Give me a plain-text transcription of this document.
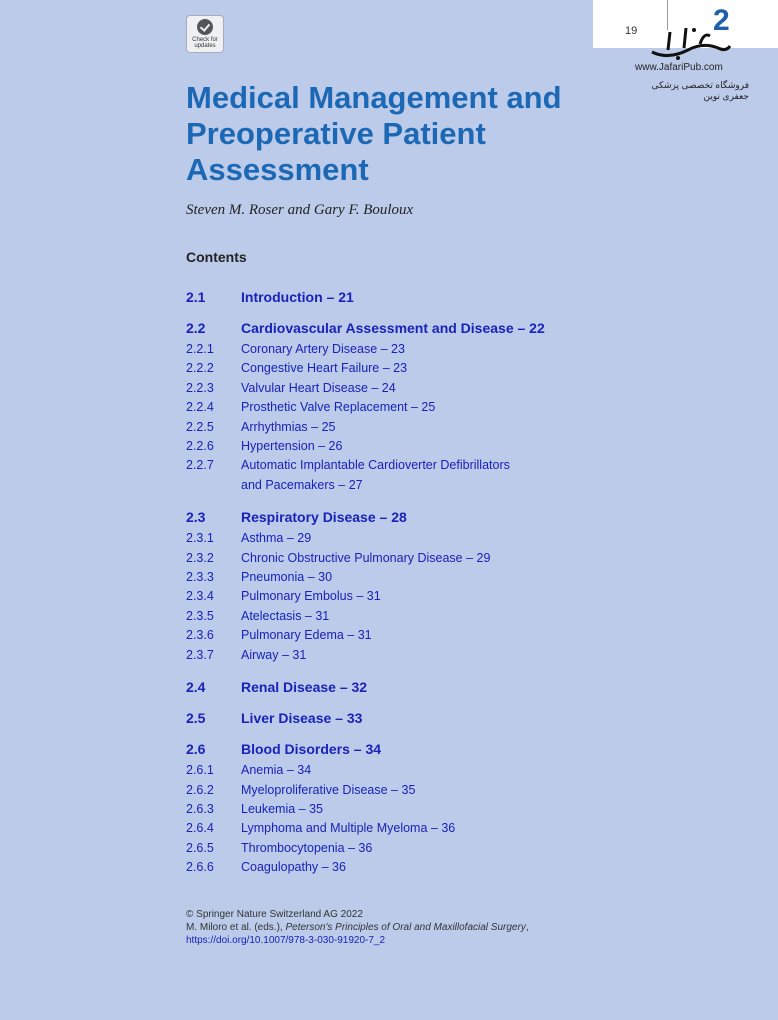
Check for updates
19	2
www.JafariPub.com
فروشگاه تخصصی پزشکی جعفری نوین
Medical Management and Preoperative Patient Assessment
Steven M. Roser and Gary F. Bouloux
Contents
2.1	Introduction – 21
2.2	Cardiovascular Assessment and Disease – 22
2.2.1	Coronary Artery Disease – 23
2.2.2	Congestive Heart Failure – 23
2.2.3	Valvular Heart Disease – 24
2.2.4	Prosthetic Valve Replacement – 25
2.2.5	Arrhythmias – 25
2.2.6	Hypertension – 26
2.2.7	Automatic Implantable Cardioverter Defibrillators
and Pacemakers – 27
2.3	Respiratory Disease – 28
2.3.1	Asthma – 29
2.3.2	Chronic Obstructive Pulmonary Disease – 29
2.3.3	Pneumonia – 30
2.3.4	Pulmonary Embolus – 31
2.3.5	Atelectasis – 31
2.3.6	Pulmonary Edema – 31
2.3.7	Airway – 31
2.4	Renal Disease – 32
2.5	Liver Disease – 33
2.6	Blood Disorders – 34
2.6.1	Anemia – 34
2.6.2	Myeloproliferative Disease – 35
2.6.3	Leukemia – 35
2.6.4	Lymphoma and Multiple Myeloma – 36
2.6.5	Thrombocytopenia – 36
2.6.6	Coagulopathy – 36
© Springer Nature Switzerland AG 2022
M. Miloro et al. (eds.), Peterson's Principles of Oral and Maxillofacial Surgery,
https://doi.org/10.1007/978-3-030-91920-7_2
